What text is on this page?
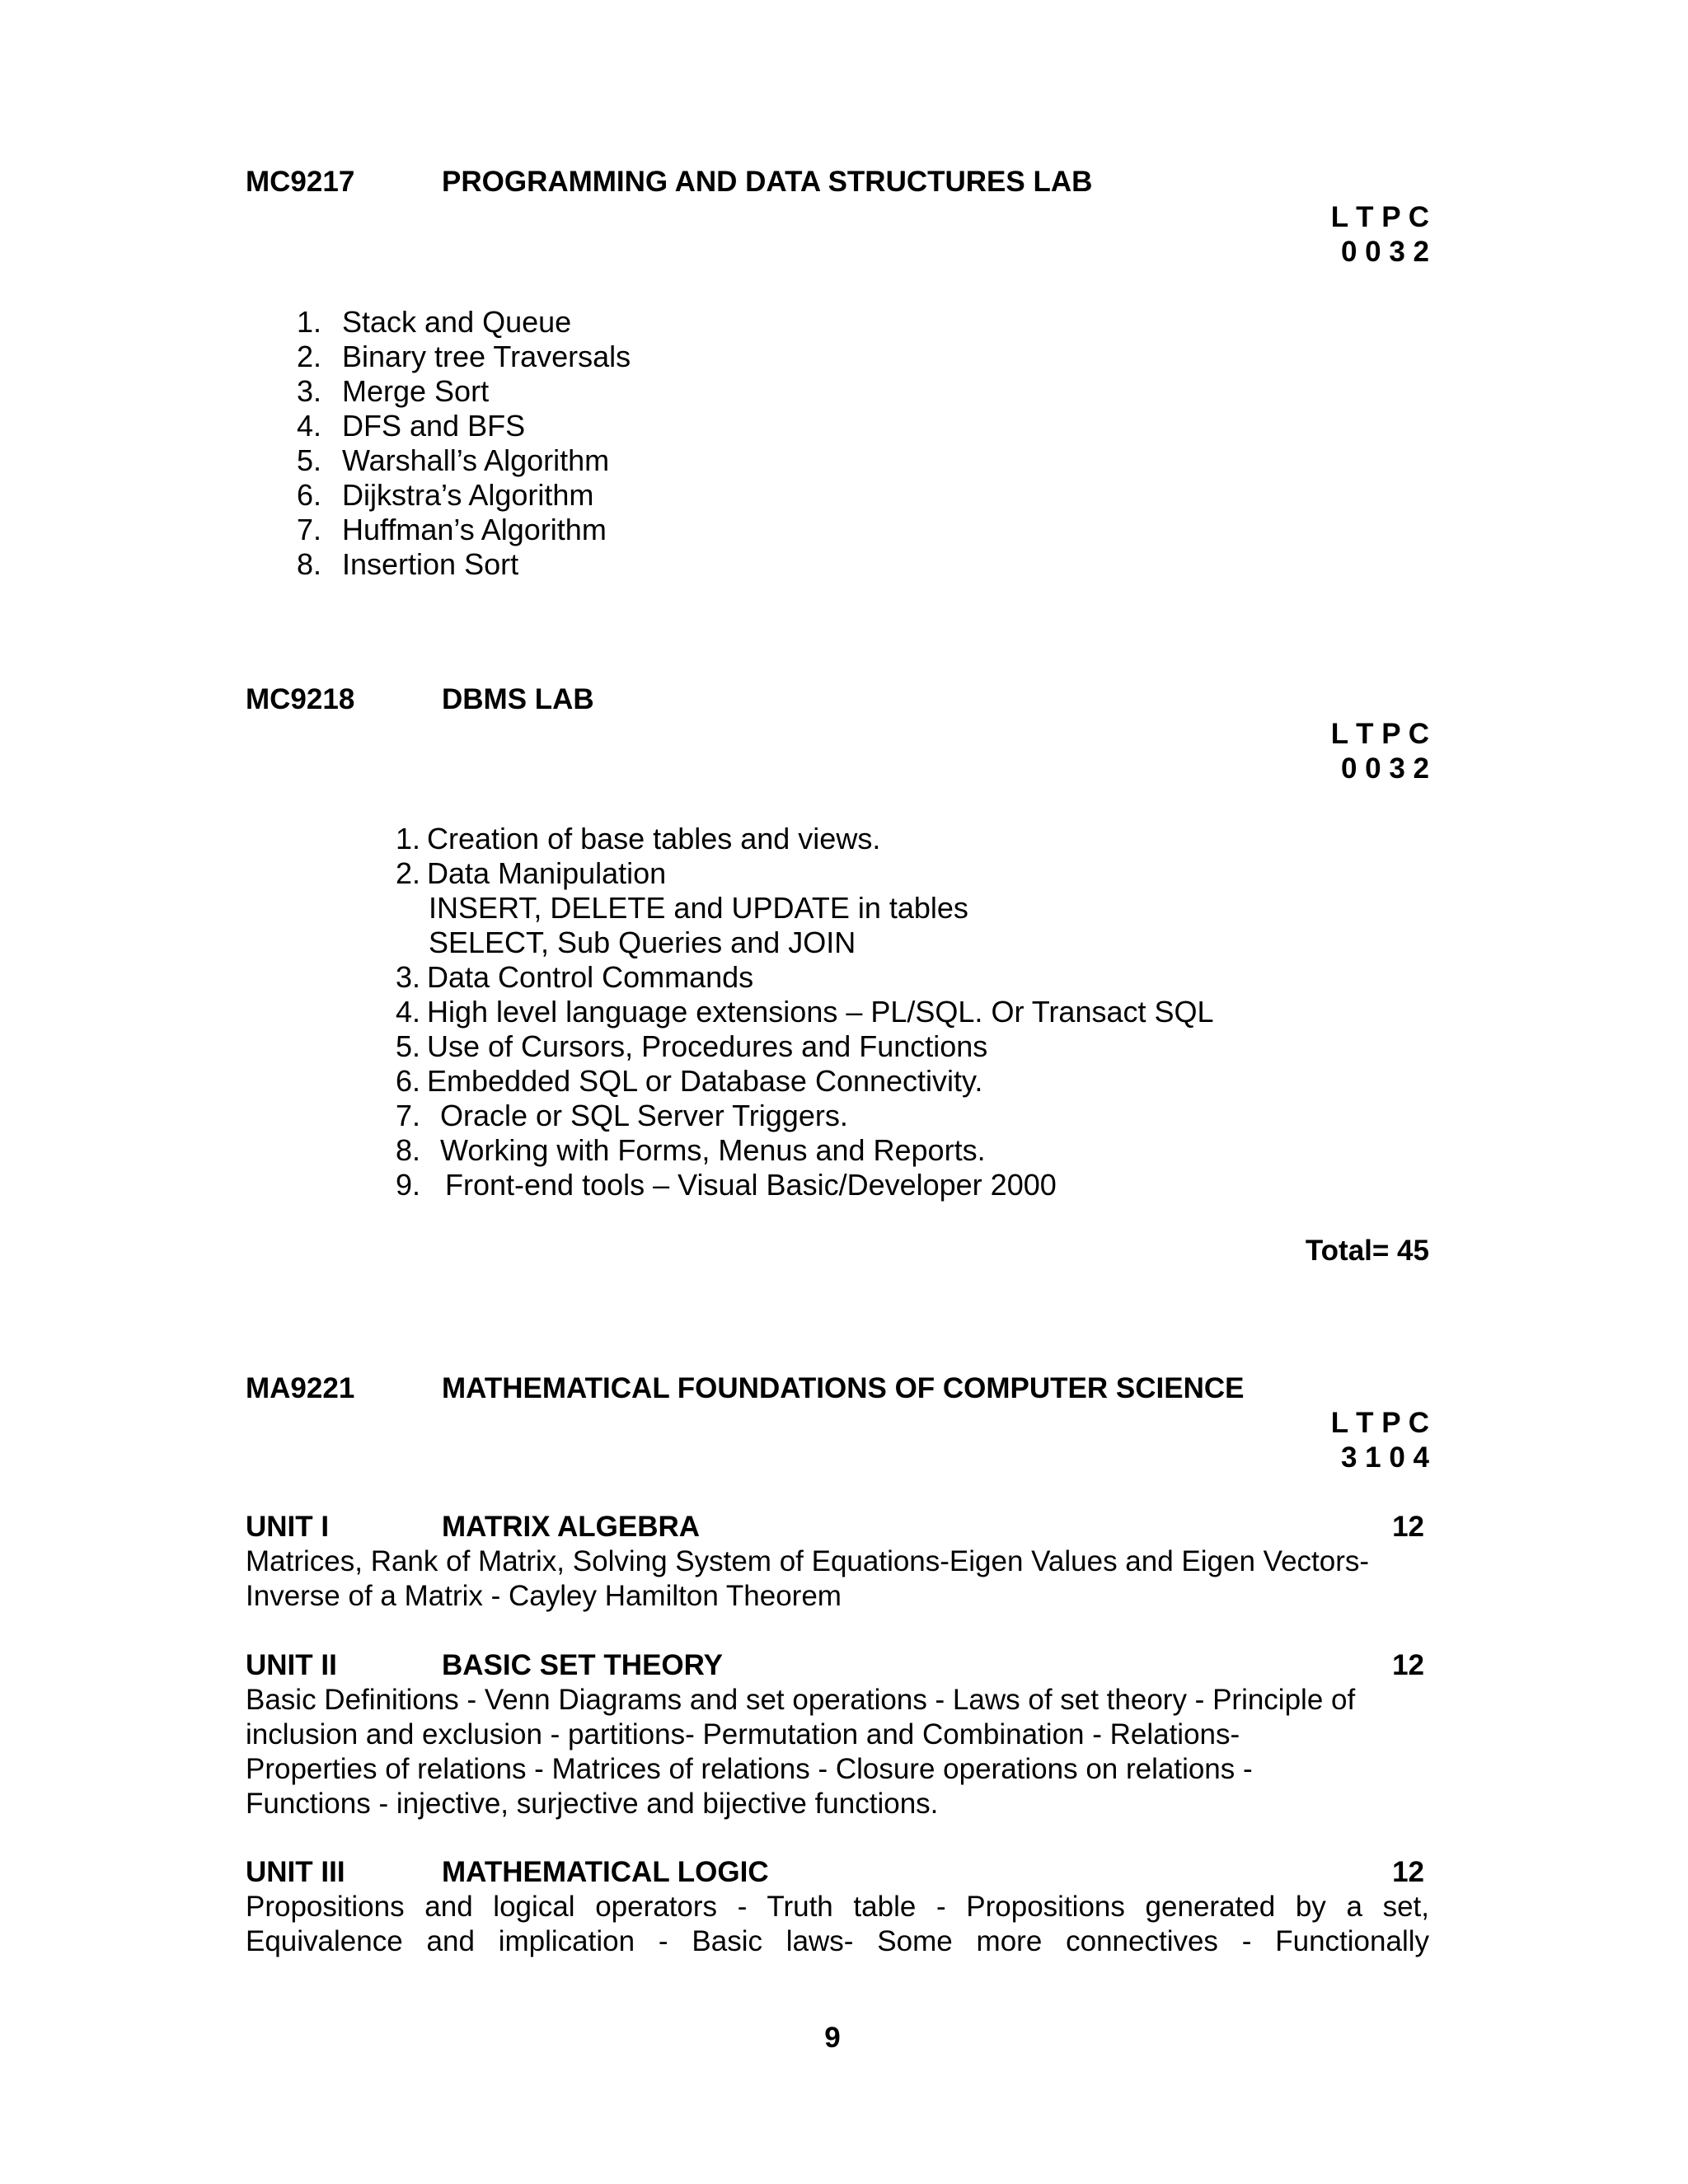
MC9217	PROGRAMMING AND DATA STRUCTURES LAB
L T P C
0 0 3 2
1. Stack and Queue
2. Binary tree Traversals
3. Merge Sort
4. DFS and BFS
5. Warshall’s Algorithm
6. Dijkstra’s Algorithm
7. Huffman’s Algorithm
8. Insertion Sort
MC9218	DBMS LAB
L T P C
0 0 3 2
1. Creation of base tables and views.
2. Data Manipulation
INSERT, DELETE and UPDATE in tables
SELECT, Sub Queries and JOIN
3. Data Control Commands
4. High level language extensions – PL/SQL. Or Transact SQL
5. Use of Cursors, Procedures and Functions
6. Embedded SQL or Database Connectivity.
7. Oracle or SQL Server Triggers.
8. Working with Forms, Menus and Reports.
9. Front-end tools – Visual Basic/Developer 2000
Total= 45
MA9221	MATHEMATICAL FOUNDATIONS OF COMPUTER SCIENCE
L T P C
3 1 0 4
UNIT I	MATRIX ALGEBRA	12
Matrices, Rank of Matrix, Solving System of Equations-Eigen Values and Eigen Vectors-
Inverse of a Matrix - Cayley Hamilton Theorem
UNIT II	BASIC SET THEORY	12
Basic Definitions - Venn Diagrams and set operations - Laws of set theory - Principle of
inclusion and exclusion - partitions- Permutation and Combination - Relations-
Properties of relations - Matrices of relations - Closure operations on relations -
Functions - injective, surjective and bijective functions.
UNIT III	MATHEMATICAL LOGIC	12
Propositions and logical operators - Truth table - Propositions generated by a set,
Equivalence and implication - Basic laws- Some more connectives - Functionally
9
